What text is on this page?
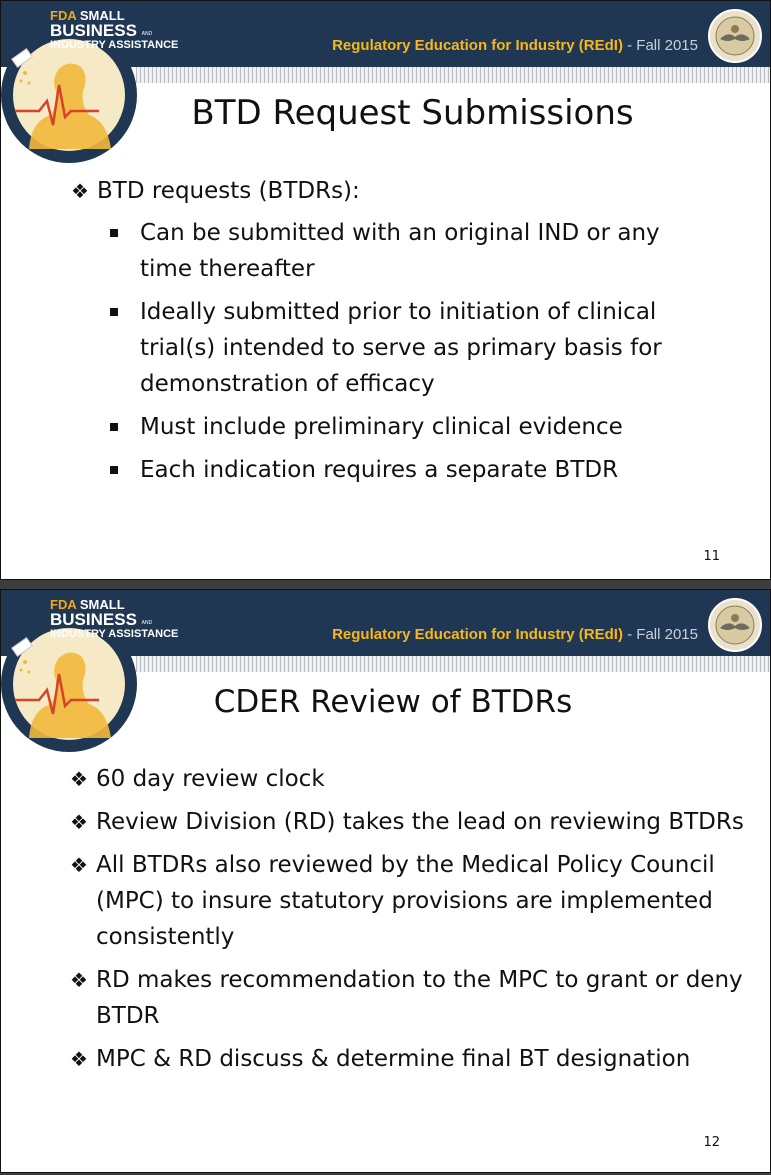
FDA SMALL
BUSINESS AND
INDUSTRY ASSISTANCE	Regulatory Education for Industry (REdI) - Fall 2015
BTD Request Submissions
❖ BTD requests (BTDRs):
Can be submitted with an original IND or any time thereafter
Ideally submitted prior to initiation of clinical trial(s) intended to serve as primary basis for demonstration of efficacy
Must include preliminary clinical evidence
Each indication requires a separate BTDR
11
FDA SMALL
BUSINESS AND
INDUSTRY ASSISTANCE	Regulatory Education for Industry (REdI) - Fall 2015
CDER Review of BTDRs
12
❖ 60 day review clock
❖ Review Division (RD) takes the lead on reviewing BTDRs
❖ All BTDRs also reviewed by the Medical Policy Council (MPC) to insure statutory provisions are implemented consistently
❖ RD makes recommendation to the MPC to grant or deny BTDR
❖ MPC & RD discuss & determine final BT designation
